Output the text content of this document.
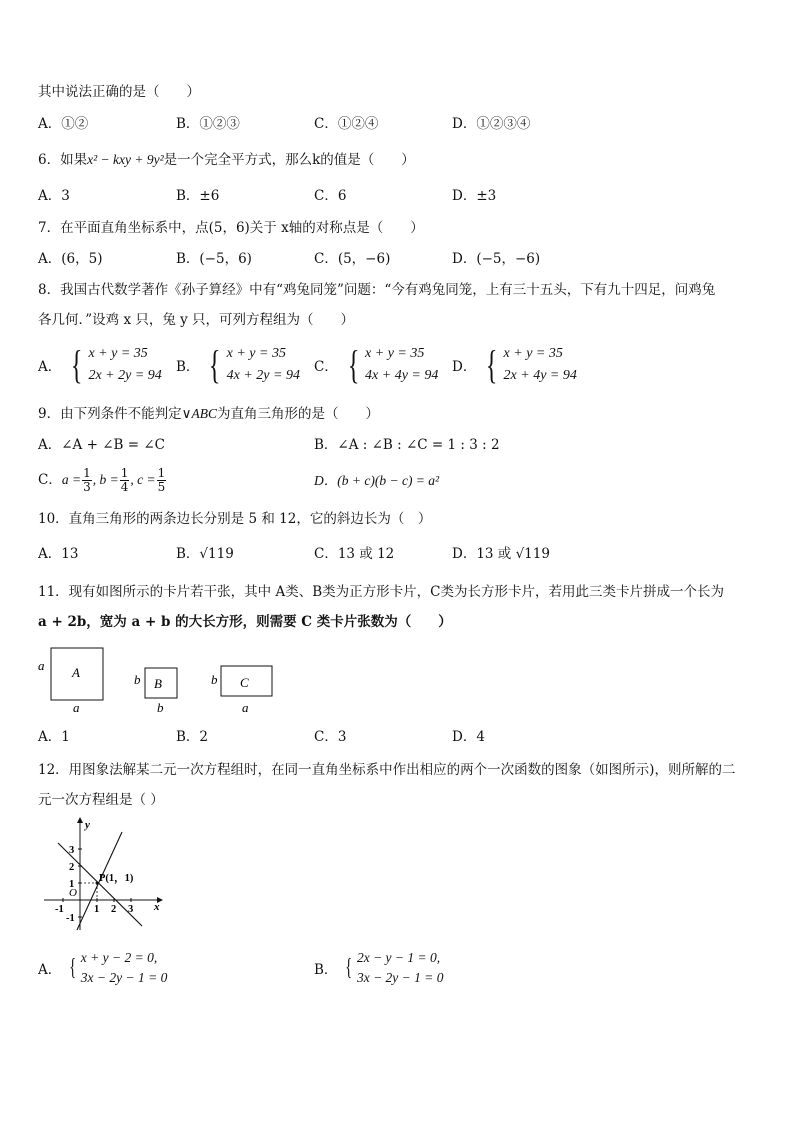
其中说法正确的是（　　）
A．①②	B．①②③	C．①②④	D．①②③④
6．如果x² − kxy + 9y²是一个完全平方式，那么k的值是（　　）
A．3	B．±6	C．6	D．±3
7．在平面直角坐标系中，点(5，6)关于 x轴的对称点是（　　）
A．(6，5)	B．(−5，6)	C．(5，−6)	D．(−5，−6)
8．我国古代数学著作《孙子算经》中有“鸡兔同笼”问题：“今有鸡兔同笼，上有三十五头，下有九十四足，问鸡兔
各几何．”设鸡 x 只，兔 y 只，可列方程组为（　　）
A． { x + y = 35
2x + 2y = 94
B． { x + y = 35
4x + 2y = 94
C． { x + y = 35
4x + 4y = 94
D． { x + y = 35
2x + 4y = 94
9．由下列条件不能判定∨ABC为直角三角形的是（　　）
A．∠A + ∠B = ∠C	B．∠A : ∠B : ∠C = 1 : 3 : 2
C． $a = \frac{1}{3}$ , $b = \frac{1}{4}$ , $c = \frac{1}{5}$	D．(b + c)(b − c) = a²
10．直角三角形的两条边长分别是 5 和 12，它的斜边长为（　）
A．13	B．√119	C．13 或 12	D．13 或 √119
11．现有如图所示的卡片若干张，其中 A类、B类为正方形卡片，C类为长方形卡片，若用此三类卡片拼成一个长为
a + 2b，宽为 a + b 的大长方形，则需要 C 类卡片张数为（　　）
a A
a
b B
b
b C
a
A．1	B．2	C．3	D．4
12．用图象法解某二元一次方程组时，在同一直角坐标系中作出相应的两个一次函数的图象（如图所示)，则所解的二
元一次方程组是（ ）
y
x
O
P(1，1)
3
2
1
-1
-1	1 2 3
A． { x + y − 2 = 0,
3x − 2y − 1 = 0	B． { 2x − y − 1 = 0,
3x − 2y − 1 = 0
